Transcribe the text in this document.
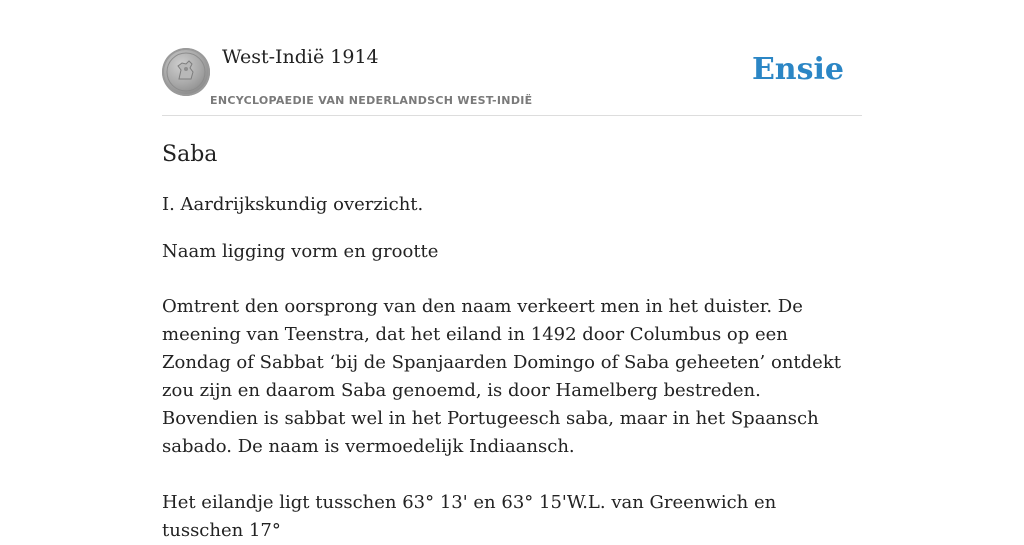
West-Indië 1914
ENCYCLOPAEDIE VAN NEDERLANDSCH WEST-INDIË
Ensie
Saba

I. Aardrijkskundig overzicht.

Naam ligging vorm en grootte

Omtrent den oorsprong van den naam verkeert men in het duister. De meening van Teenstra, dat het eiland in 1492 door Columbus op een Zondag of Sabbat ‘bij de Spanjaarden Domingo of Saba geheeten’ ontdekt zou zijn en daarom Saba genoemd, is door Hamelberg bestreden. Bovendien is sabbat wel in het Portugeesch saba, maar in het Spaansch sabado. De naam is vermoedelijk Indiaansch.

Het eilandje ligt tusschen 63° 13' en 63° 15'W.L. van Greenwich en tusschen 17°
